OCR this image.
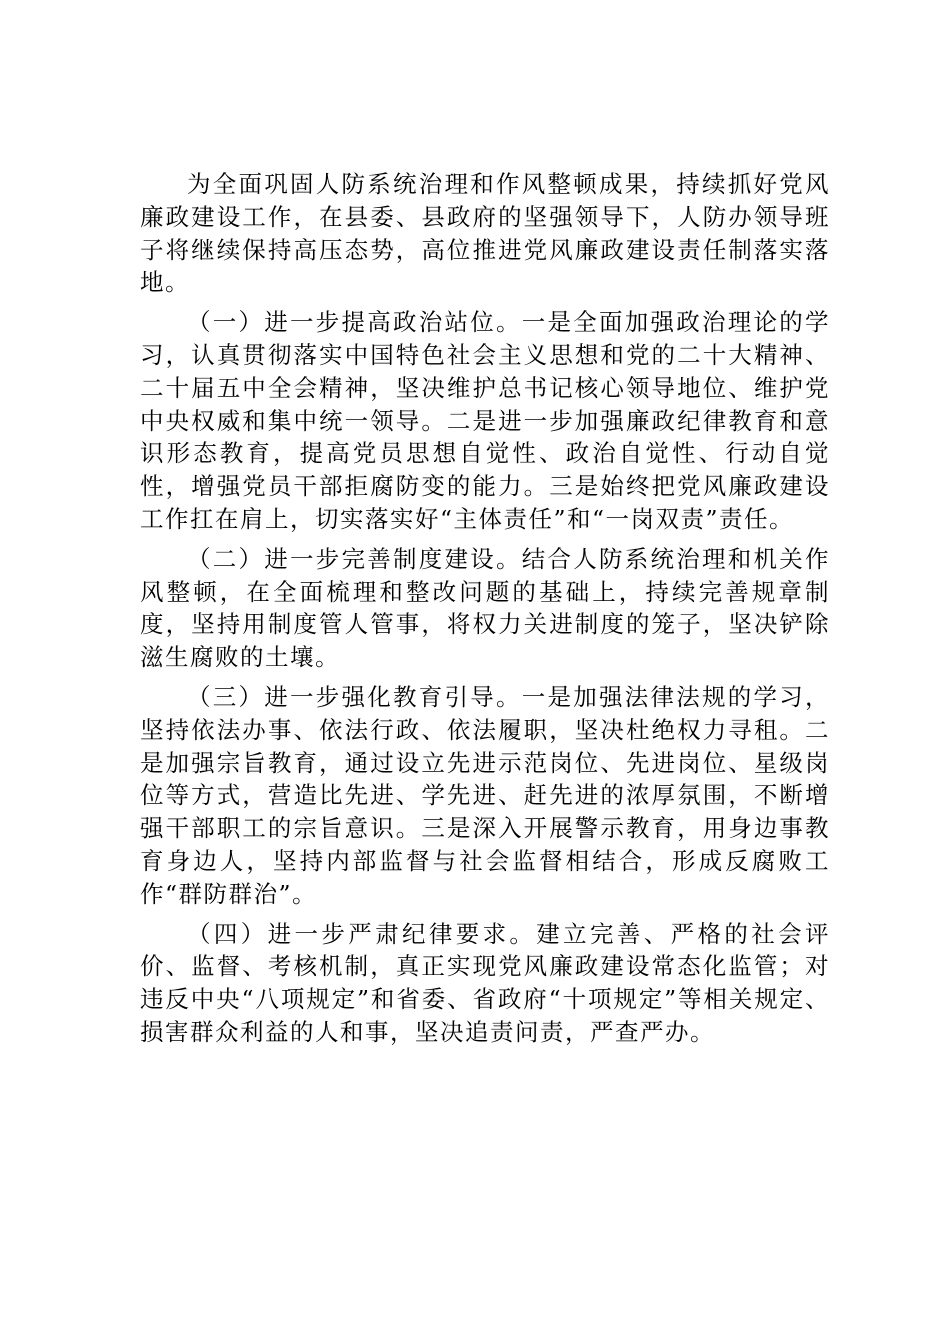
为全面巩固人防系统治理和作风整顿成果，持续抓好党风廉政建设工作，在县委、县政府的坚强领导下，人防办领导班子将继续保持高压态势，高位推进党风廉政建设责任制落实落地。

（一）进一步提高政治站位。一是全面加强政治理论的学习，认真贯彻落实中国特色社会主义思想和党的二十大精神、二十届五中全会精神，坚决维护总书记核心领导地位、维护党中央权威和集中统一领导。二是进一步加强廉政纪律教育和意识形态教育，提高党员思想自觉性、政治自觉性、行动自觉性，增强党员干部拒腐防变的能力。三是始终把党风廉政建设工作扛在肩上，切实落实好“主体责任”和“一岗双责”责任。

（二）进一步完善制度建设。结合人防系统治理和机关作风整顿，在全面梳理和整改问题的基础上，持续完善规章制度，坚持用制度管人管事，将权力关进制度的笼子，坚决铲除滋生腐败的土壤。

（三）进一步强化教育引导。一是加强法律法规的学习，坚持依法办事、依法行政、依法履职，坚决杜绝权力寻租。二是加强宗旨教育，通过设立先进示范岗位、先进岗位、星级岗位等方式，营造比先进、学先进、赶先进的浓厚氛围，不断增强干部职工的宗旨意识。三是深入开展警示教育，用身边事教育身边人，坚持内部监督与社会监督相结合，形成反腐败工作“群防群治”。

（四）进一步严肃纪律要求。建立完善、严格的社会评价、监督、考核机制，真正实现党风廉政建设常态化监管；对违反中央“八项规定”和省委、省政府“十项规定”等相关规定、损害群众利益的人和事，坚决追责问责，严查严办。
